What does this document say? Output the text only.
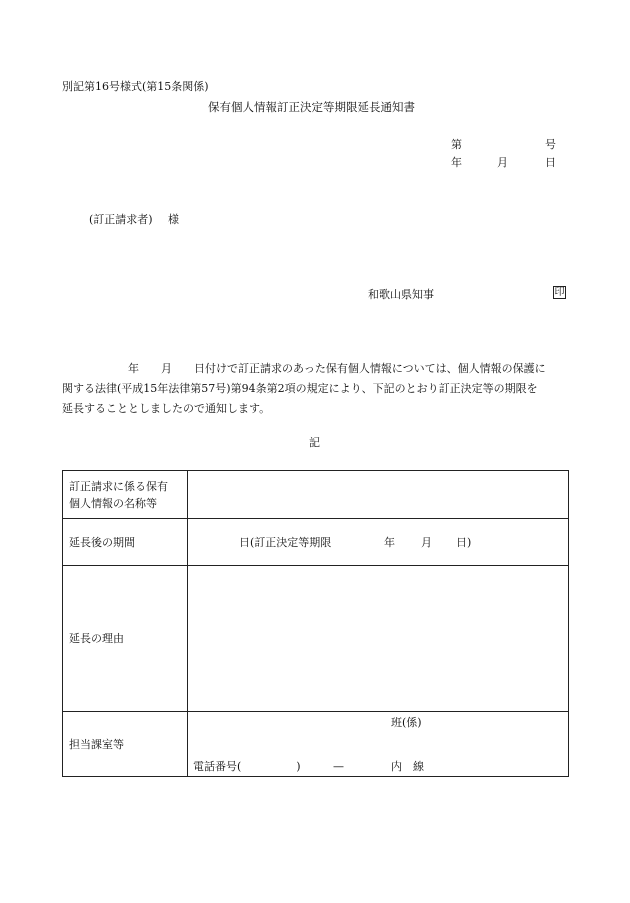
別記第16号様式(第15条関係)
保有個人情報訂正決定等期限延長通知書
第	号
年	月	日
(訂正請求者) 様
和歌山県知事	印

　　　　　　年　　月　　日付けで訂正請求のあった保有個人情報については、個人情報の保護に

関する法律(平成15年法律第57号)第94条第2項の規定により、下記のとおり訂正決定等の期限を

延長することとしましたので通知します。

記
訂正請求に係る保有
個人情報の名称等	

延長後の期間	日(訂正決定等期限 年 月 日)

延長の理由	
担当課室等	班(係)
電話番号(　　　　　) — 内　線
